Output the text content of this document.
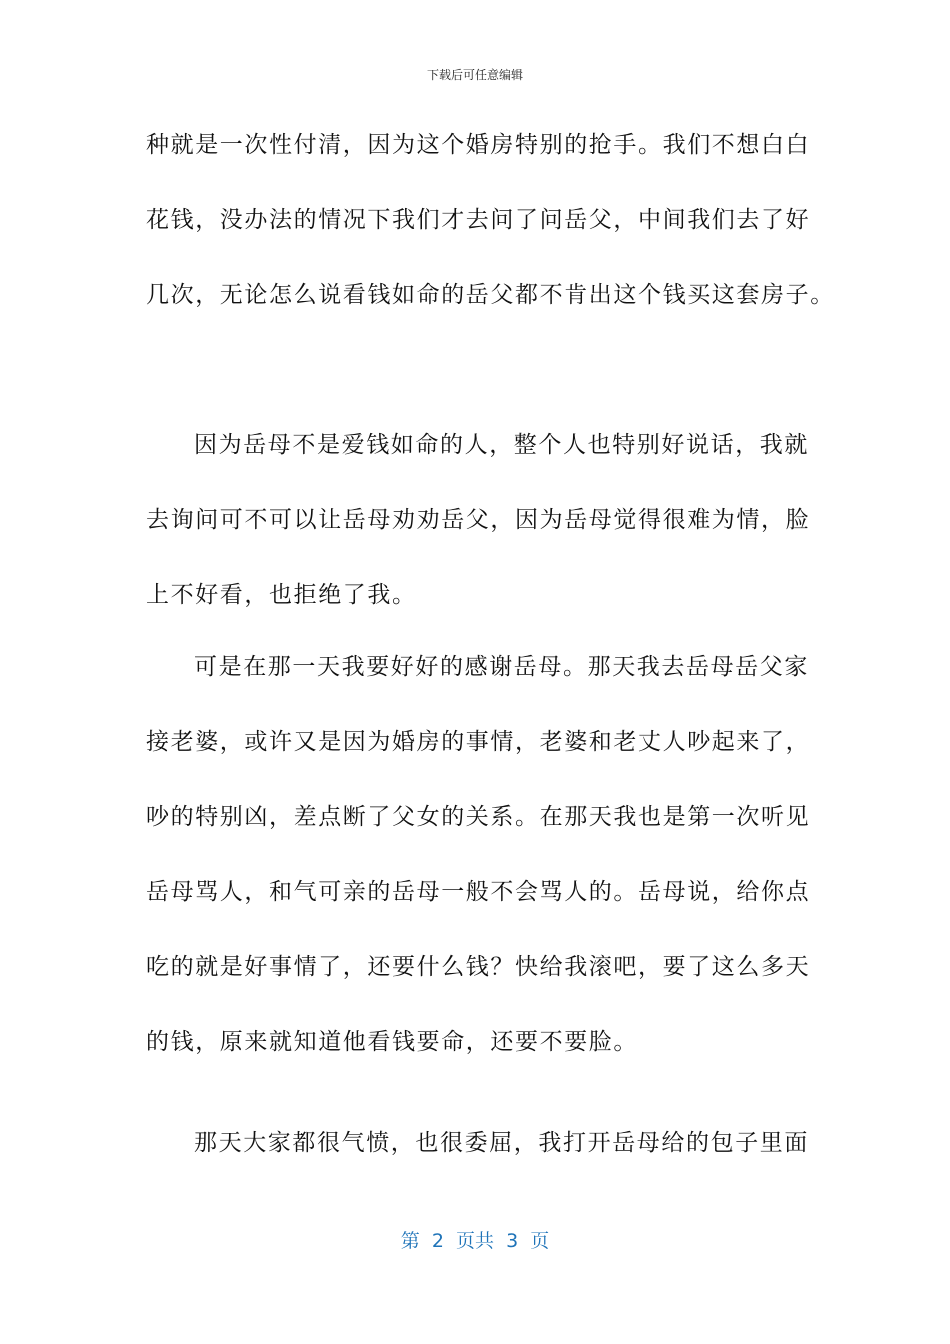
下载后可任意编辑
种就是一次性付清，因为这个婚房特别的抢手。我们不想白白
花钱，没办法的情况下我们才去问了问岳父，中间我们去了好
几次，无论怎么说看钱如命的岳父都不肯出这个钱买这套房子。
因为岳母不是爱钱如命的人，整个人也特别好说话，我就
去询问可不可以让岳母劝劝岳父，因为岳母觉得很难为情，脸
上不好看，也拒绝了我。
可是在那一天我要好好的感谢岳母。那天我去岳母岳父家
接老婆，或许又是因为婚房的事情，老婆和老丈人吵起来了，
吵的特别凶，差点断了父女的关系。在那天我也是第一次听见
岳母骂人，和气可亲的岳母一般不会骂人的。岳母说，给你点
吃的就是好事情了，还要什么钱？快给我滚吧，要了这么多天
的钱，原来就知道他看钱要命，还要不要脸。
那天大家都很气愤，也很委屈，我打开岳母给的包子里面
第  2  页共  3  页
